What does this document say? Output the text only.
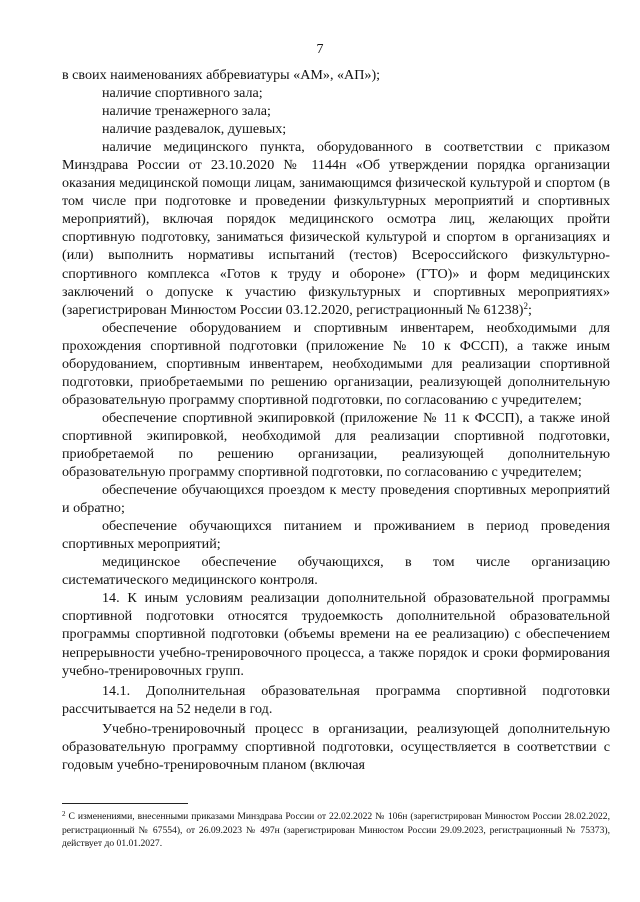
7

в своих наименованиях аббревиатуры «АМ», «АП»);

наличие спортивного зала;

наличие тренажерного зала;

наличие раздевалок, душевых;

наличие медицинского пункта, оборудованного в соответствии с приказом Минздрава России от 23.10.2020 № 1144н «Об утверждении порядка организации оказания медицинской помощи лицам, занимающимся физической культурой и спортом (в том числе при подготовке и проведении физкультурных мероприятий и спортивных мероприятий), включая порядок медицинского осмотра лиц, желающих пройти спортивную подготовку, заниматься физической культурой и спортом в организациях и (или) выполнить нормативы испытаний (тестов) Всероссийского физкультурно-спортивного комплекса «Готов к труду и обороне» (ГТО)» и форм медицинских заключений о допуске к участию физкультурных и спортивных мероприятиях» (зарегистрирован Минюстом России 03.12.2020, регистрационный № 61238)$^2$;

обеспечение оборудованием и спортивным инвентарем, необходимыми для прохождения спортивной подготовки (приложение № 10 к ФССП), а также иным оборудованием, спортивным инвентарем, необходимыми для реализации спортивной подготовки, приобретаемыми по решению организации, реализующей дополнительную образовательную программу спортивной подготовки, по согласованию с учредителем;

обеспечение спортивной экипировкой (приложение № 11 к ФССП), а также иной спортивной экипировкой, необходимой для реализации спортивной подготовки, приобретаемой по решению организации, реализующей дополнительную образовательную программу спортивной подготовки, по согласованию с учредителем;

обеспечение обучающихся проездом к месту проведения спортивных мероприятий и обратно;

обеспечение обучающихся питанием и проживанием в период проведения спортивных мероприятий;

медицинское обеспечение обучающихся, в том числе организацию систематического медицинского контроля.

14. К иным условиям реализации дополнительной образовательной программы спортивной подготовки относятся трудоемкость дополнительной образовательной программы спортивной подготовки (объемы времени на ее реализацию) с обеспечением непрерывности учебно-тренировочного процесса, а также порядок и сроки формирования учебно-тренировочных групп.

14.1. Дополнительная образовательная программа спортивной подготовки рассчитывается на 52 недели в год.

Учебно-тренировочный процесс в организации, реализующей дополнительную образовательную программу спортивной подготовки, осуществляется в соответствии с годовым учебно-тренировочным планом (включая

$^2$ С изменениями, внесенными приказами Минздрава России от 22.02.2022 № 106н (зарегистрирован Минюстом России 28.02.2022, регистрационный № 67554), от 26.09.2023 № 497н (зарегистрирован Минюстом России 29.09.2023, регистрационный № 75373), действует до 01.01.2027.
